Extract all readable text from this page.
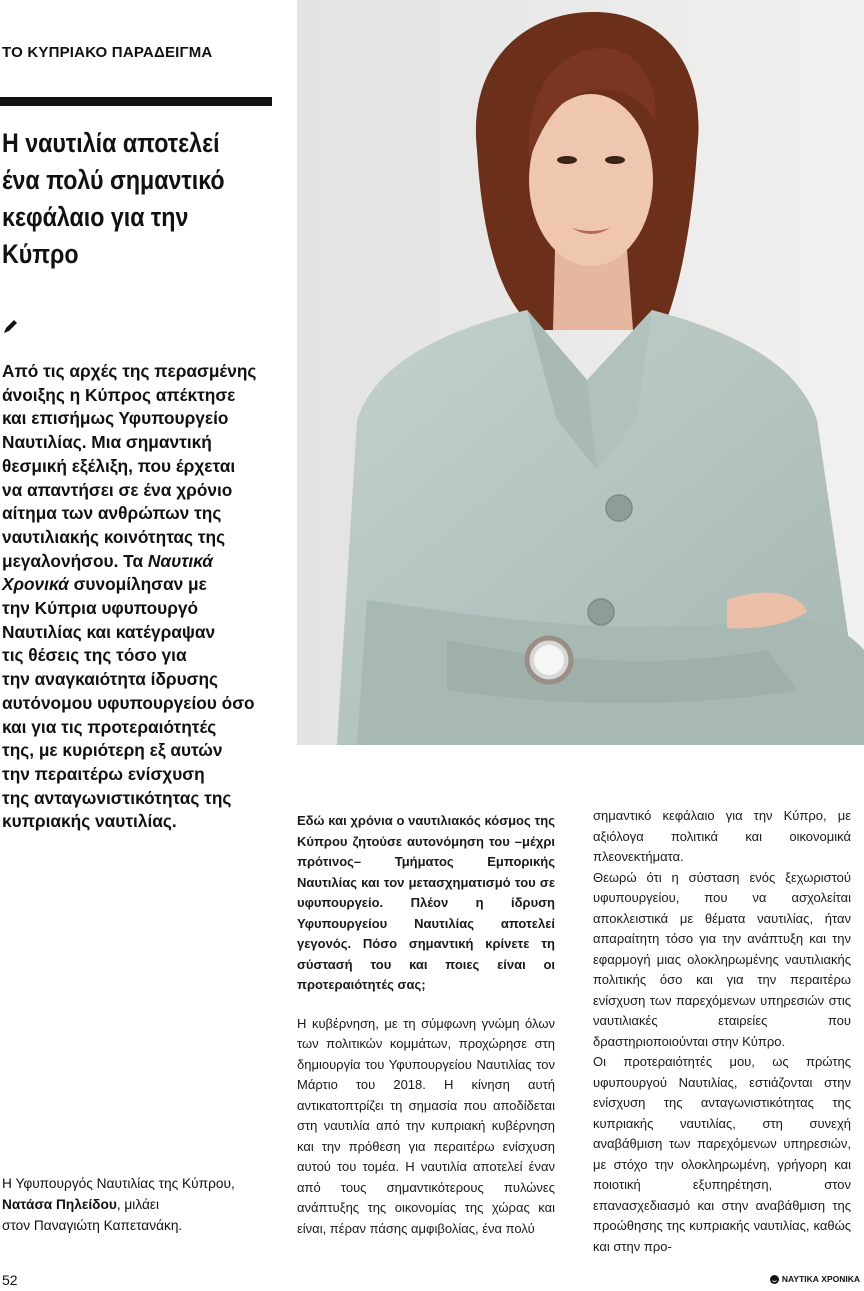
ΤΟ ΚΥΠΡΙΑΚΟ ΠΑΡΑΔΕΙΓΜΑ
Η ναυτιλία αποτελεί
ένα πολύ σημαντικό
κεφάλαιο για την
Κύπρο
Από τις αρχές της περασμένης
άνοιξης η Κύπρος απέκτησε
και επισήμως Υφυπουργείο
Ναυτιλίας. Μια σημαντική
θεσμική εξέλιξη, που έρχεται
να απαντήσει σε ένα χρόνιο
αίτημα των ανθρώπων της
ναυτιλιακής κοινότητας της
μεγαλονήσου. Τα Ναυτικά
Χρονικά συνομίλησαν με
την Κύπρια υφυπουργό
Ναυτιλίας και κατέγραψαν
τις θέσεις της τόσο για
την αναγκαιότητα ίδρυσης
αυτόνομου υφυπουργείου όσο
και για τις προτεραιότητές
της, με κυριότερη εξ αυτών
την περαιτέρω ενίσχυση
της ανταγωνιστικότητας της
κυπριακής ναυτιλίας.
Η Υφυπουργός Ναυτιλίας της Κύπρου,
Νατάσα Πηλείδου, μιλάει
στον Παναγιώτη Καπετανάκη.

Εδώ και χρόνια ο ναυτιλιακός κόσμος της Κύπρου ζητούσε αυτονόμηση του –μέχρι πρότινος– Τμήματος Εμπορικής Ναυτιλίας και τον μετασχηματισμό του σε υφυπουργείο. Πλέον η ίδρυση Υφυπουργείου Ναυτιλίας αποτελεί γεγονός. Πόσο σημαντική κρίνετε τη σύστασή του και ποιες είναι οι προτεραιότητές σας;

Η κυβέρνηση, με τη σύμφωνη γνώμη όλων των πολιτικών κομμάτων, προχώρησε στη δημιουργία του Υφυπουργείου Ναυτιλίας τον Μάρτιο του 2018. Η κίνηση αυτή αντικατοπτρίζει τη σημασία που αποδίδεται στη ναυτιλία από την κυπριακή κυβέρνηση και την πρόθεση για περαιτέρω ενίσχυση αυτού του τομέα. Η ναυτιλία αποτελεί έναν από τους σημαντικότερους πυλώνες ανάπτυξης της οικονομίας της χώρας και είναι, πέραν πάσης αμφιβολίας, ένα πολύ

σημαντικό κεφάλαιο για την Κύπρο, με αξιόλογα πολιτικά και οικονομικά πλεονεκτήματα.

Θεωρώ ότι η σύσταση ενός ξεχωριστού υφυπουργείου, που να ασχολείται αποκλειστικά με θέματα ναυτιλίας, ήταν απαραίτητη τόσο για την ανάπτυξη και την εφαρμογή μιας ολοκληρωμένης ναυτιλιακής πολιτικής όσο και για την περαιτέρω ενίσχυση των παρεχόμενων υπηρεσιών στις ναυτιλιακές εταιρείες που δραστηριοποιούνται στην Κύπρο.

Οι προτεραιότητές μου, ως πρώτης υφυπουργού Ναυτιλίας, εστιάζονται στην ενίσχυση της ανταγωνιστικότητας της κυπριακής ναυτιλίας, στη συνεχή αναβάθμιση των παρεχόμενων υπηρεσιών, με στόχο την ολοκληρωμένη, γρήγορη και ποιοτική εξυπηρέτηση, στον επανασχεδιασμό και στην αναβάθμιση της προώθησης της κυπριακής ναυτιλίας, καθώς και στην προ-

52	ΝΑΥΤΙΚΑ ΧΡΟΝΙΚΑ
